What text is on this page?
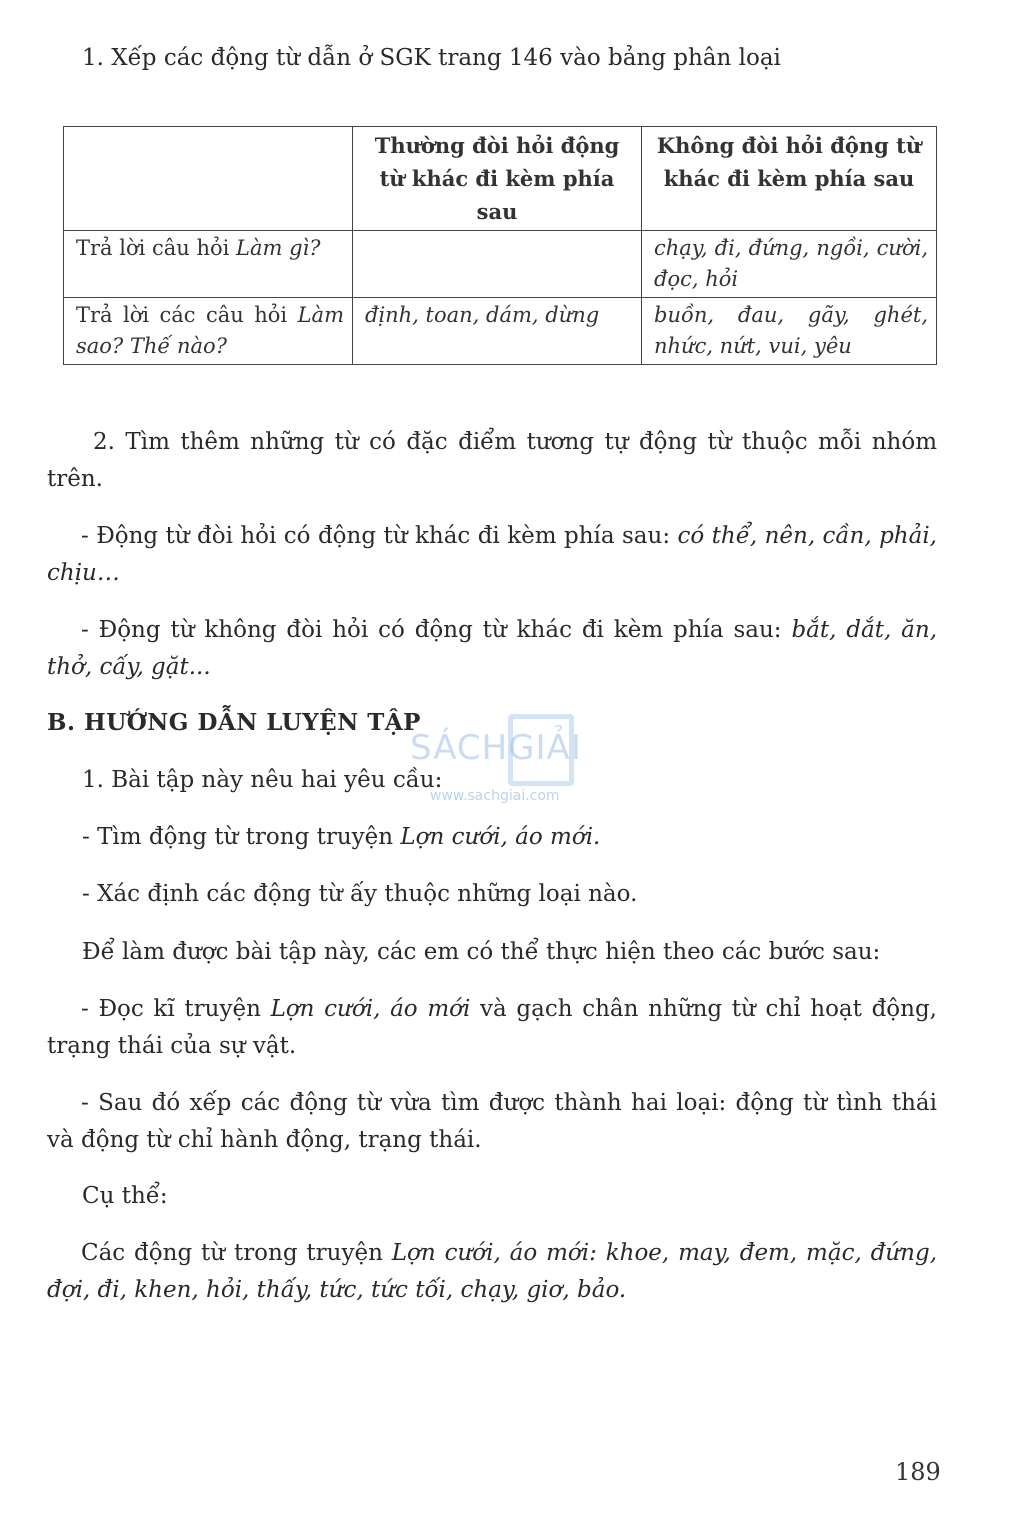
1. Xếp các động từ dẫn ở SGK trang 146 vào bảng phân loại
	Thường đòi hỏi động từ khác đi kèm phía sau	Không đòi hỏi động từ khác đi kèm phía sau
Trả lời câu hỏi Làm gì?		chạy, đi, đứng, ngồi, cười, đọc, hỏi
Trả lời các câu hỏi Làm sao? Thế nào?	định, toan, dám, dừng	buồn, đau, gãy, ghét, nhức, nứt, vui, yêu
2. Tìm thêm những từ có đặc điểm tương tự động từ thuộc mỗi nhóm trên.
- Động từ đòi hỏi có động từ khác đi kèm phía sau: có thể, nên, cần, phải, chịu…
- Động từ không đòi hỏi có động từ khác đi kèm phía sau: bắt, dắt, ăn, thở, cấy, gặt...
B. HƯỚNG DẪN LUYỆN TẬP
1. Bài tập này nêu hai yêu cầu:
- Tìm động từ trong truyện Lợn cưới, áo mới.
- Xác định các động từ ấy thuộc những loại nào.
Để làm được bài tập này, các em có thể thực hiện theo các bước sau:
- Đọc kĩ truyện Lợn cưới, áo mới và gạch chân những từ chỉ hoạt động, trạng thái của sự vật.
- Sau đó xếp các động từ vừa tìm được thành hai loại: động từ tình thái và động từ chỉ hành động, trạng thái.
Cụ thể:
Các động từ trong truyện Lợn cưới, áo mới: khoe, may, đem, mặc, đứng, đợi, đi, khen, hỏi, thấy, tức, tức tối, chạy, giơ, bảo.
SÁCHGIẢI
www.sachgiai.com
189
